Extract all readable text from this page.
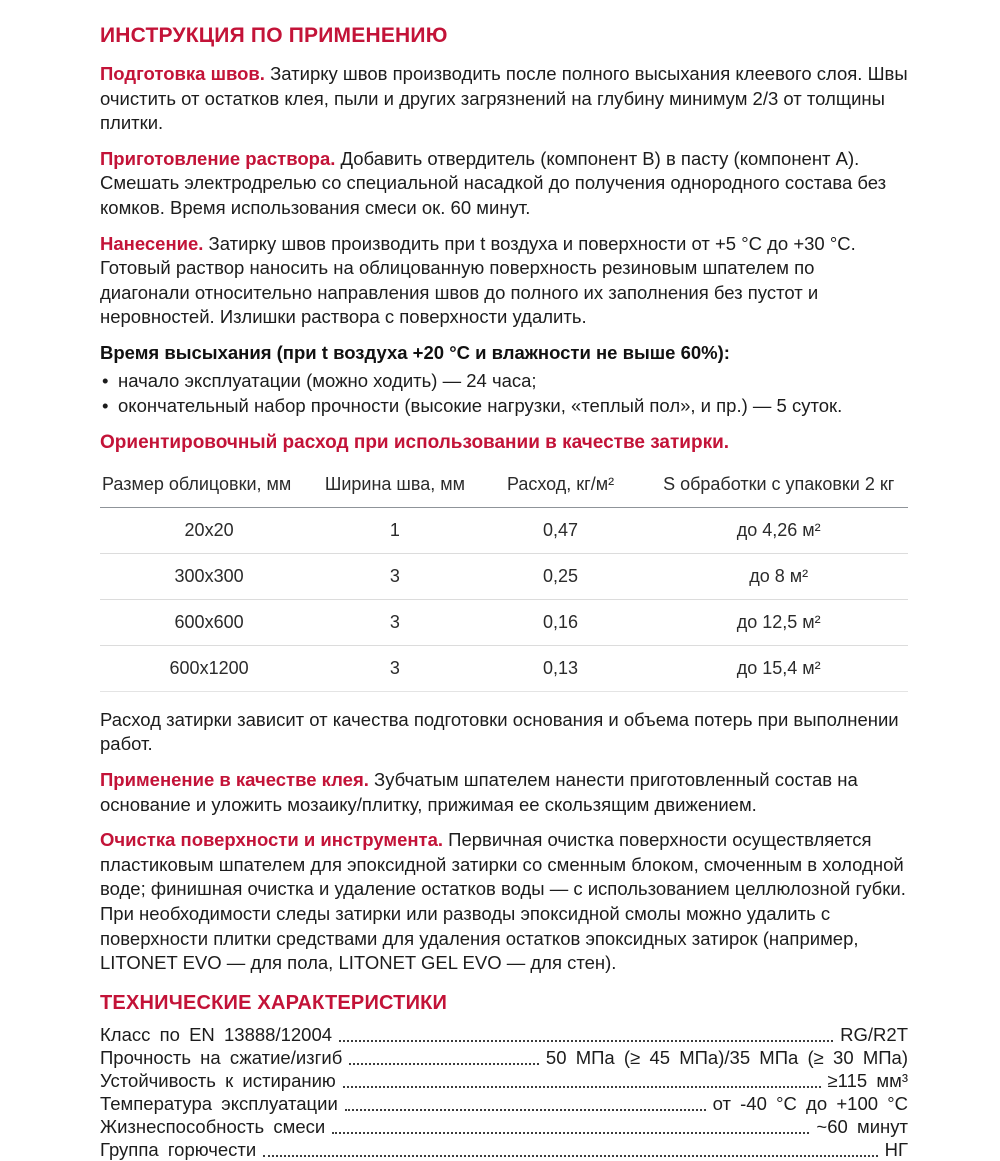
ИНСТРУКЦИЯ ПО ПРИМЕНЕНИЮ

Подготовка швов. Затирку швов производить после полного высыхания клеевого слоя. Швы очистить от остатков клея, пыли и других загрязнений на глубину минимум 2/3 от толщины плитки.

Приготовление раствора. Добавить отвердитель (компонент В) в пасту (компонент А). Смешать электродрелью со специальной насадкой до получения однородного состава без комков. Время использования смеси ок. 60 минут.

Нанесение. Затирку швов производить при t воздуха и поверхности от +5 °C до +30 °C. Готовый раствор наносить на облицованную поверхность резиновым шпателем по диагонали относительно направления швов до полного их заполнения без пустот и неровностей. Излишки раствора с поверхности удалить.

Время высыхания (при t воздуха +20 °C и влажности не выше 60%):

• начало эксплуатации (можно ходить) — 24 часа;
• окончательный набор прочности (высокие нагрузки, «теплый пол», и пр.) — 5 суток.

Ориентировочный расход при использовании в качестве затирки.

Размер облицовки, мм	Ширина шва, мм	Расход, кг/м²	S обработки с упаковки 2 кг
20x20	1	0,47	до 4,26 м²
300x300	3	0,25	до 8 м²
600x600	3	0,16	до 12,5 м²
600x1200	3	0,13	до 15,4 м²

Расход затирки зависит от качества подготовки основания и объема потерь при выполнении работ.

Применение в качестве клея. Зубчатым шпателем нанести приготовленный состав на основание и уложить мозаику/плитку, прижимая ее скользящим движением.

Очистка поверхности и инструмента. Первичная очистка поверхности осуществляется пластиковым шпателем для эпоксидной затирки со сменным блоком, смоченным в холодной воде; финишная очистка и удаление остатков воды — с использованием целлюлозной губки. При необходимости следы затирки или разводы эпоксидной смолы можно удалить с поверхности плитки средствами для удаления остатков эпоксидных затирок (например, LITONET EVO — для пола, LITONET GEL EVO — для стен).

ТЕХНИЧЕСКИЕ ХАРАКТЕРИСТИКИ
Класс по EN 13888/12004	RG/R2T
Прочность на сжатие/изгиб	50 МПа (≥ 45 МПа)/35 МПа (≥ 30 МПа)
Устойчивость к истиранию	≥115 мм³
Температура эксплуатации	от -40 °C до +100 °C
Жизнеспособность смеси	~60 минут
Группа горючести	НГ
